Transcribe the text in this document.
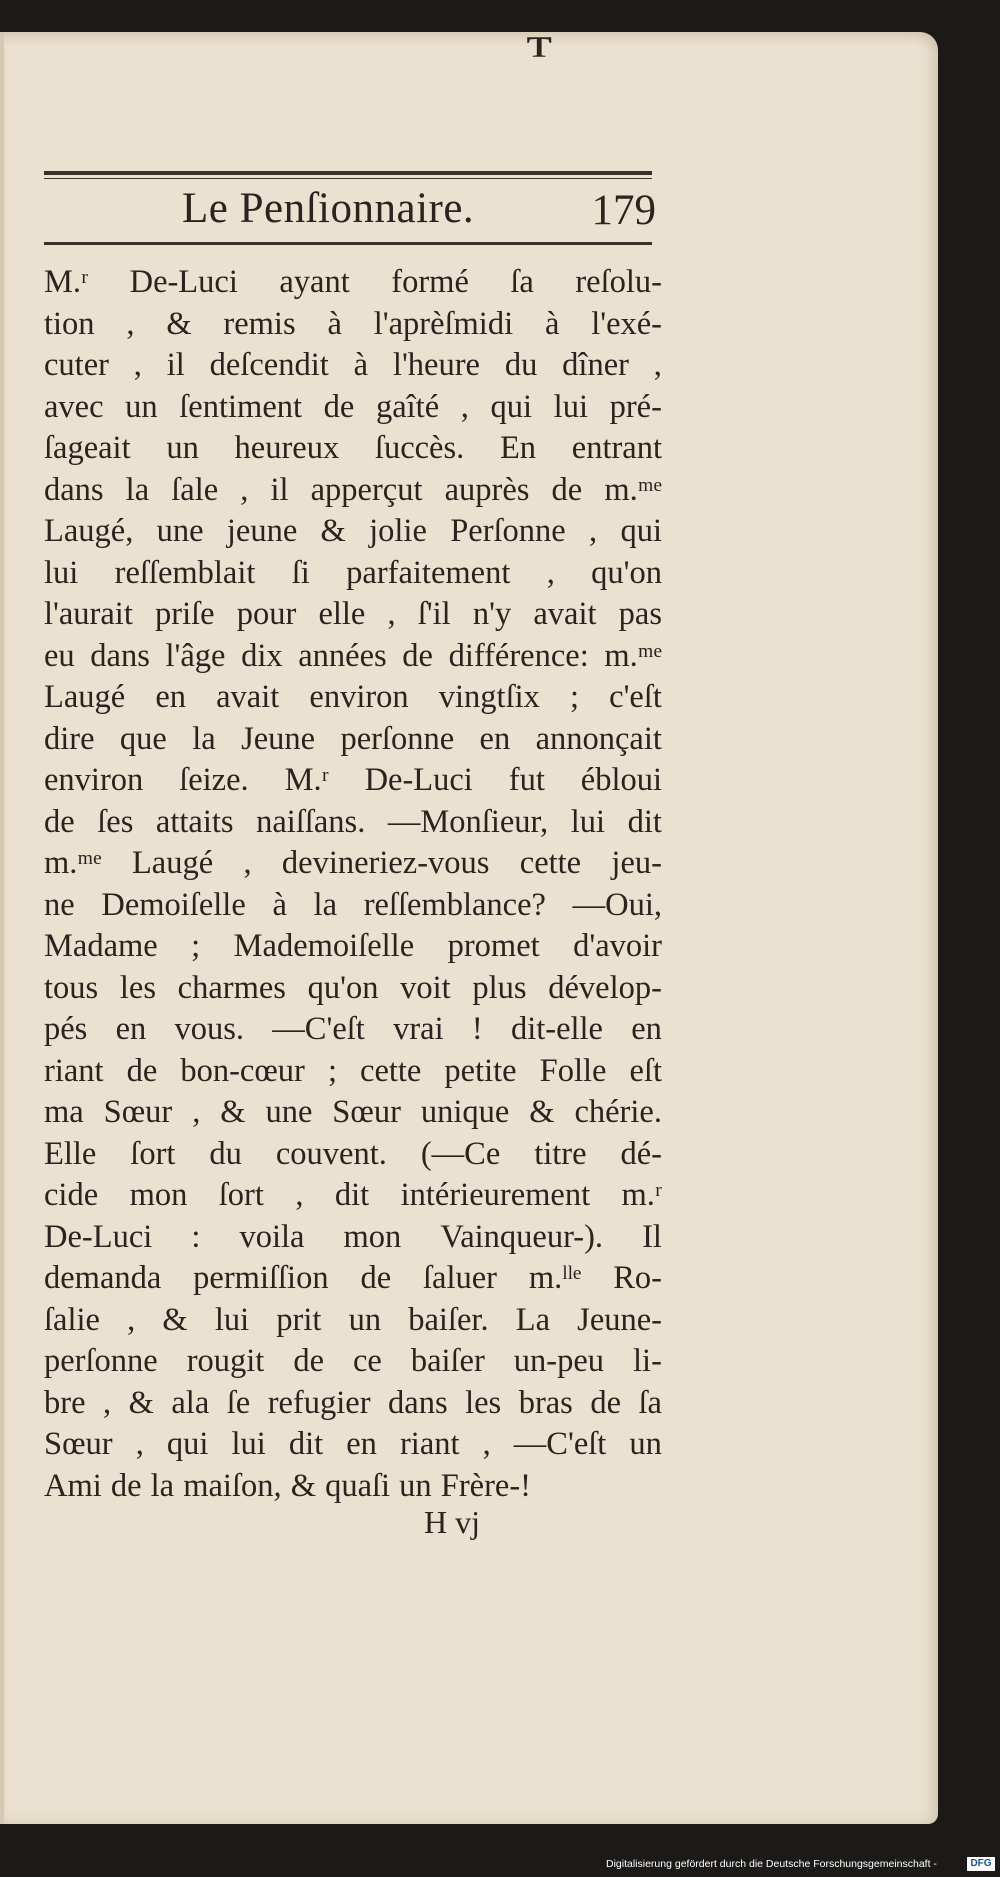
ᴛ
Le Penſionnaire.	179
M.ʳ De-Luci ayant formé ſa reſolu-
tion , & remis à l'aprèſmidi à l'exé-
cuter , il deſcendit à l'heure du dîner ,
avec un ſentiment de gaîté , qui lui pré-
ſageait un heureux ſuccès. En entrant
dans la ſale , il apperçut auprès de m.ᵐᵉ
Laugé, une jeune & jolie Perſonne , qui
lui reſſemblait ſi parfaitement , qu'on
l'aurait priſe pour elle , ſ'il n'y avait pas
eu dans l'âge dix années de différence: m.ᵐᵉ
Laugé en avait environ vingtſix ; c'eſt
dire que la Jeune perſonne en annonçait
environ ſeize. M.ʳ De-Luci fut ébloui
de ſes attaits naiſſans. —Monſieur, lui dit
m.ᵐᵉ Laugé , devineriez-vous cette jeu-
ne Demoiſelle à la reſſemblance? —Oui,
Madame ; Mademoiſelle promet d'avoir
tous les charmes qu'on voit plus dévelop-
pés en vous. —C'eſt vrai ! dit-elle en
riant de bon-cœur ; cette petite Folle eſt
ma Sœur , & une Sœur unique & chérie.
Elle ſort du couvent. (—Ce titre dé-
cide mon ſort , dit intérieurement m.ʳ
De-Luci : voila mon Vainqueur-). Il
demanda permiſſion de ſaluer m.ˡˡᵉ Ro-
ſalie , & lui prit un baiſer. La Jeune-
perſonne rougit de ce baiſer un-peu li-
bre , & ala ſe refugier dans les bras de ſa
Sœur , qui lui dit en riant , —C'eſt un
Ami de la maiſon, & quaſi un Frère-!
H vj
Digitalisierung gefördert durch die Deutsche Forschungsgemeinschaft -	DFG
